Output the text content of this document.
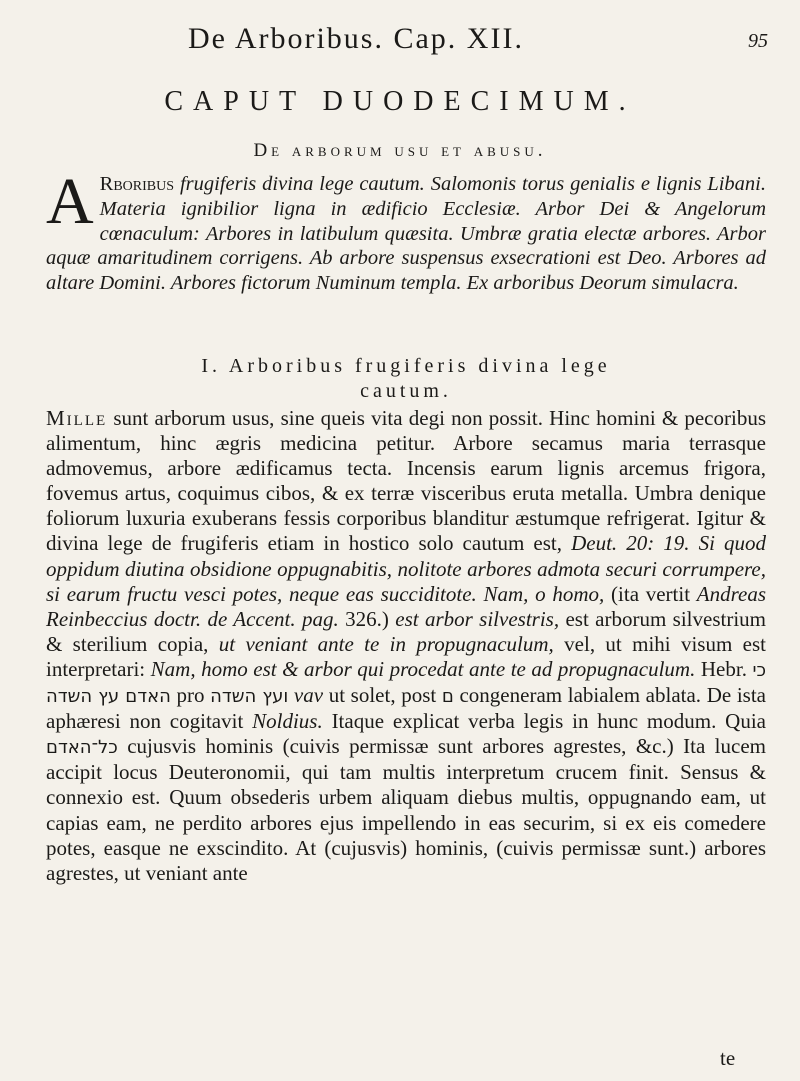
De Arboribus. Cap. XII.	95
CAPUT DUODECIMUM.
De arborum usu et abusu.
A Rboribus frugiferis divina lege cautum. Salomonis torus genialis e lignis Libani. Materia ignibilior ligna in ædificio Ecclesiæ. Arbor Dei & Angelorum cœnaculum: Arbores in latibulum quæsita. Umbræ gratia electæ arbores. Arbor aquæ amaritudinem corrigens. Ab arbore suspensus exsecrationi est Deo. Arbores ad altare Domini. Arbores fictorum Numinum templa. Ex arboribus Deorum simulacra.
I. Arboribus frugiferis divina lege
cautum.
Mille sunt arborum usus, sine queis vita degi non possit. Hinc homini & pecoribus alimentum, hinc ægris medicina petitur. Arbore secamus maria terrasque admovemus, arbore ædificamus tecta. Incensis earum lignis arcemus frigora, fovemus artus, coquimus cibos, & ex terræ visceribus eruta metalla. Umbra denique foliorum luxuria exuberans fessis corporibus blanditur æstumque refrigerat. Igitur & divina lege de frugiferis etiam in hostico solo cautum est, Deut. 20: 19. Si quod oppidum diutina obsidione oppugnabitis, nolitote arbores admota securi corrumpere, si earum fructu vesci potes, neque eas succiditote. Nam, o homo, (ita vertit Andreas Reinbeccius doctr. de Accent. pag. 326.) est arbor silvestris, est arborum silvestrium & sterilium copia, ut veniant ante te in propugnaculum, vel, ut mihi visum est interpretari: Nam, homo est & arbor qui procedat ante te ad propugnaculum. Hebr. כי האדם עץ השדה pro ועץ השדה vav ut solet, post ם congeneram labialem ablata. De ista aphæresi non cogitavit Noldius. Itaque explicat verba legis in hunc modum. Quia כל־האדם cujusvis hominis (cuivis permissæ sunt arbores agrestes, &c.) Ita lucem accipit locus Deuteronomii, qui tam multis interpretum crucem finit. Sensus & connexio est. Quum obsederis urbem aliquam diebus multis, oppugnando eam, ut capias eam, ne perdito arbores ejus impellendo in eas securim, si ex eis comedere potes, easque ne exscindito. At (cujusvis) hominis, (cuivis permissæ sunt.) arbores agrestes, ut veniant ante
te
